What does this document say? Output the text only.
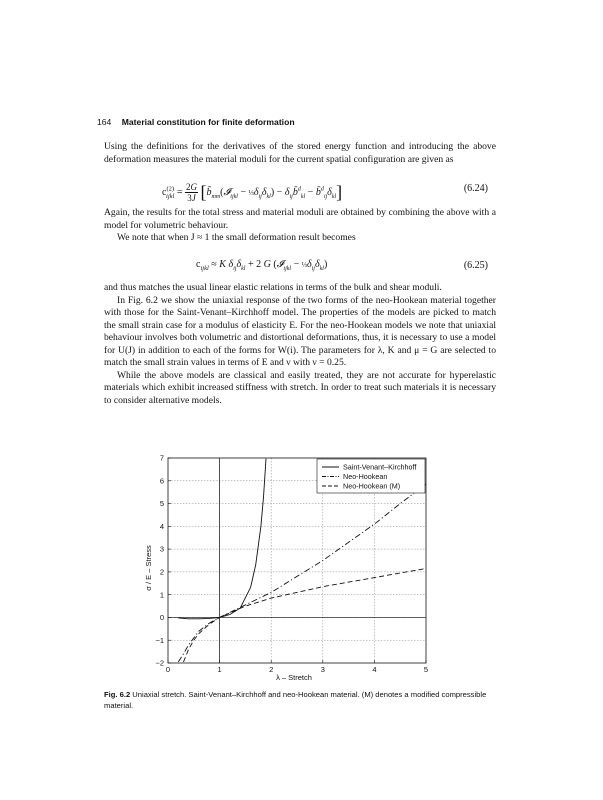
164 Material constitution for finite deformation

Using the definitions for the derivatives of the stored energy function and introducing the above deformation measures the material moduli for the current spatial configuration are given as

$c^{(2)}_{ijkl} = \frac{2G}{3J}$ [$b̄_{mm}(𝓘_{ijkl}$ − $\frac{1}{3}\delta_{ij}\delta_{kl}$) − $\delta_{ij}b̄^d_{kl}$ − $b̄^d_{ij}\delta_{kl}$]	(6.24)

Again, the results for the total stress and material moduli are obtained by combining the above with a model for volumetric behaviour.

We note that when J ≈ 1 the small deformation result becomes

$c_{ijkl} \approx K$ $\delta_{ij}\delta_{kl} + 2$ G (𝓘$_{ijkl}$ − $\frac{1}{3}\delta_{ij}\delta_{kl}$)	(6.25)

and thus matches the usual linear elastic relations in terms of the bulk and shear moduli.

In Fig. 6.2 we show the uniaxial response of the two forms of the neo-Hookean material together with those for the Saint-Venant–Kirchhoff model. The properties of the models are picked to match the small strain case for a modulus of elasticity E. For the neo-Hookean models we note that uniaxial behaviour involves both volumetric and distortional deformations, thus, it is necessary to use a model for U(J) in addition to each of the forms for W(i). The parameters for λ, K and μ = G are selected to match the small strain values in terms of E and ν with ν = 0.25.

While the above models are classical and easily treated, they are not accurate for hyperelastic materials which exhibit increased stiffness with stretch. In order to treat such materials it is necessary to consider alternative models.

0	1	2	3	4	5
−2
−1
0
1
2
3
4
5
6
7
Saint-Venant–Kirchhoff
Neo-Hookean
Neo-Hookean (M)
λ – Stretch
σ / E – Stress
Fig. 6.2 Uniaxial stretch. Saint-Venant–Kirchhoff and neo-Hookean material. (M) denotes a modified compressible material.
